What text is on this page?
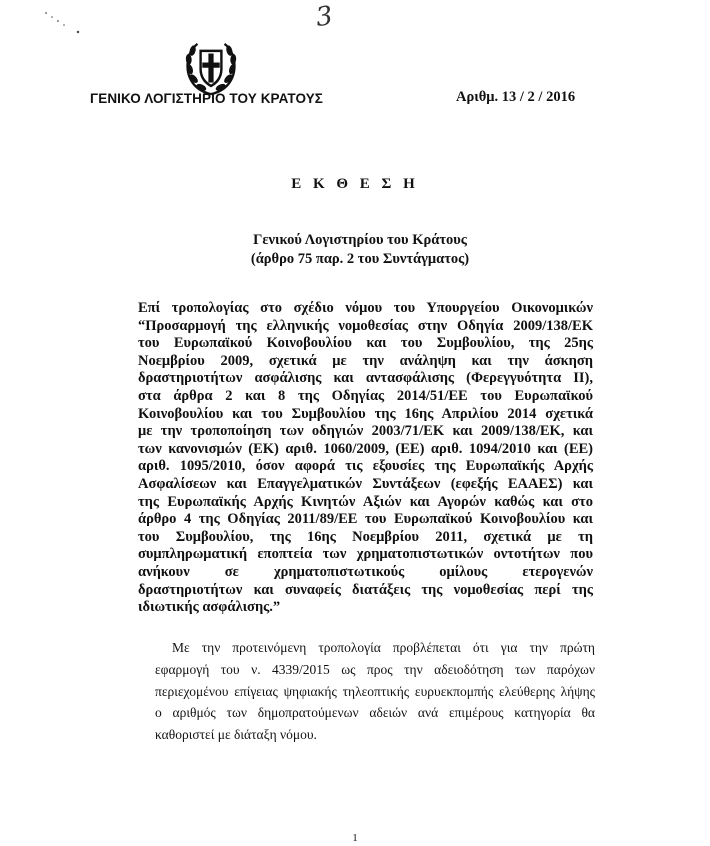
3
ΓΕΝΙΚΟ ΛΟΓΙΣΤΗΡΙΟ ΤΟΥ ΚΡΑΤΟΥΣ	Αριθμ. 13 / 2 / 2016
Ε Κ Θ Ε Σ Η
Γενικού Λογιστηρίου του Κράτους
(άρθρο 75 παρ. 2 του Συντάγματος)
Επί τροπολογίας στο σχέδιο νόμου του Υπουργείου Οικονομικών
“Προσαρμογή της ελληνικής νομοθεσίας στην Οδηγία 2009/138/ΕΚ
του Ευρωπαϊκού Κοινοβουλίου και του Συμβουλίου, της 25ης
Νοεμβρίου 2009, σχετικά με την ανάληψη και την άσκηση
δραστηριοτήτων ασφάλισης και αντασφάλισης (Φερεγγυότητα ΙΙ),
στα άρθρα 2 και 8 της Οδηγίας 2014/51/ΕΕ του Ευρωπαϊκού
Κοινοβουλίου και του Συμβουλίου της 16ης Απριλίου 2014 σχετικά
με την τροποποίηση των οδηγιών 2003/71/ΕΚ και 2009/138/ΕΚ, και
των κανονισμών (ΕΚ) αριθ. 1060/2009, (ΕΕ) αριθ. 1094/2010 και (ΕΕ)
αριθ. 1095/2010, όσον αφορά τις εξουσίες της Ευρωπαϊκής Αρχής
Ασφαλίσεων και Επαγγελματικών Συντάξεων (εφεξής ΕΑΑΕΣ) και
της Ευρωπαϊκής Αρχής Κινητών Αξιών και Αγορών καθώς και στο
άρθρο 4 της Οδηγίας 2011/89/ΕΕ του Ευρωπαϊκού Κοινοβουλίου και
του Συμβουλίου, της 16ης Νοεμβρίου 2011, σχετικά με τη
συμπληρωματική εποπτεία των χρηματοπιστωτικών οντοτήτων που
ανήκουν σε χρηματοπιστωτικούς ομίλους ετερογενών
δραστηριοτήτων και συναφείς διατάξεις της νομοθεσίας περί της
ιδιωτικής ασφάλισης.”
Με την προτεινόμενη τροπολογία προβλέπεται ότι για την πρώτη
εφαρμογή του ν. 4339/2015 ως προς την αδειοδότηση των παρόχων
περιεχομένου επίγειας ψηφιακής τηλεοπτικής ευρυεκπομπής ελεύθερης λήψης
ο αριθμός των δημοπρατούμενων αδειών ανά επιμέρους κατηγορία θα
καθοριστεί με διάταξη νόμου.
1
